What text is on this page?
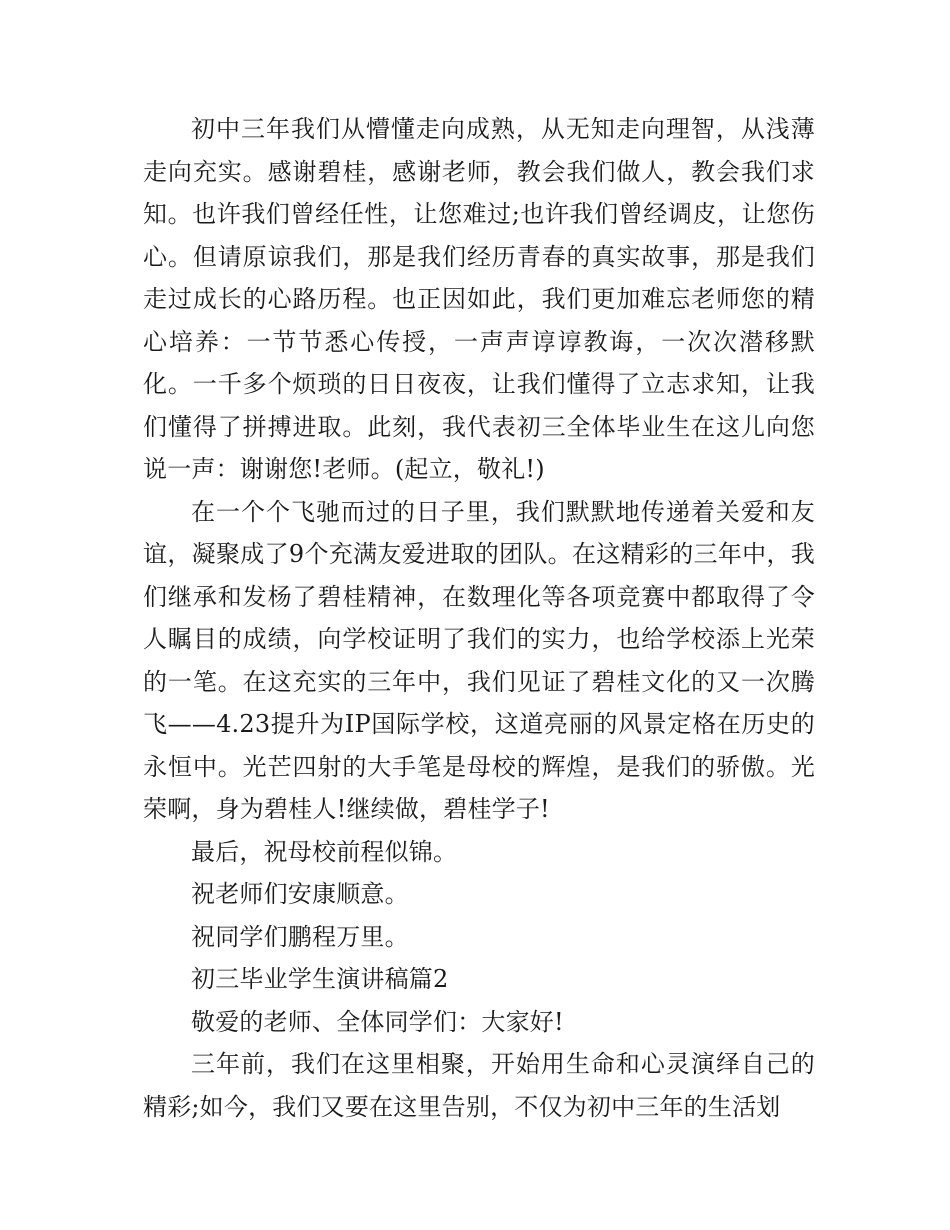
初中三年我们从懵懂走向成熟，从无知走向理智，从浅薄走向充实。感谢碧桂，感谢老师，教会我们做人，教会我们求知。也许我们曾经任性，让您难过;也许我们曾经调皮，让您伤心。但请原谅我们，那是我们经历青春的真实故事，那是我们走过成长的心路历程。也正因如此，我们更加难忘老师您的精心培养：一节节悉心传授，一声声谆谆教诲，一次次潜移默化。一千多个烦琐的日日夜夜，让我们懂得了立志求知，让我们懂得了拼搏进取。此刻，我代表初三全体毕业生在这儿向您说一声：谢谢您!老师。(起立，敬礼!)

在一个个飞驰而过的日子里，我们默默地传递着关爱和友谊，凝聚成了9个充满友爱进取的团队。在这精彩的三年中，我们继承和发杨了碧桂精神，在数理化等各项竞赛中都取得了令人瞩目的成绩，向学校证明了我们的实力，也给学校添上光荣的一笔。在这充实的三年中，我们见证了碧桂文化的又一次腾飞——4.23提升为IP国际学校，这道亮丽的风景定格在历史的永恒中。光芒四射的大手笔是母校的辉煌，是我们的骄傲。光荣啊，身为碧桂人!继续做，碧桂学子!

最后，祝母校前程似锦。

祝老师们安康顺意。

祝同学们鹏程万里。

初三毕业学生演讲稿篇2

敬爱的老师、全体同学们：大家好!

三年前，我们在这里相聚，开始用生命和心灵演绎自己的精彩;如今，我们又要在这里告别，不仅为初中三年的生活划
